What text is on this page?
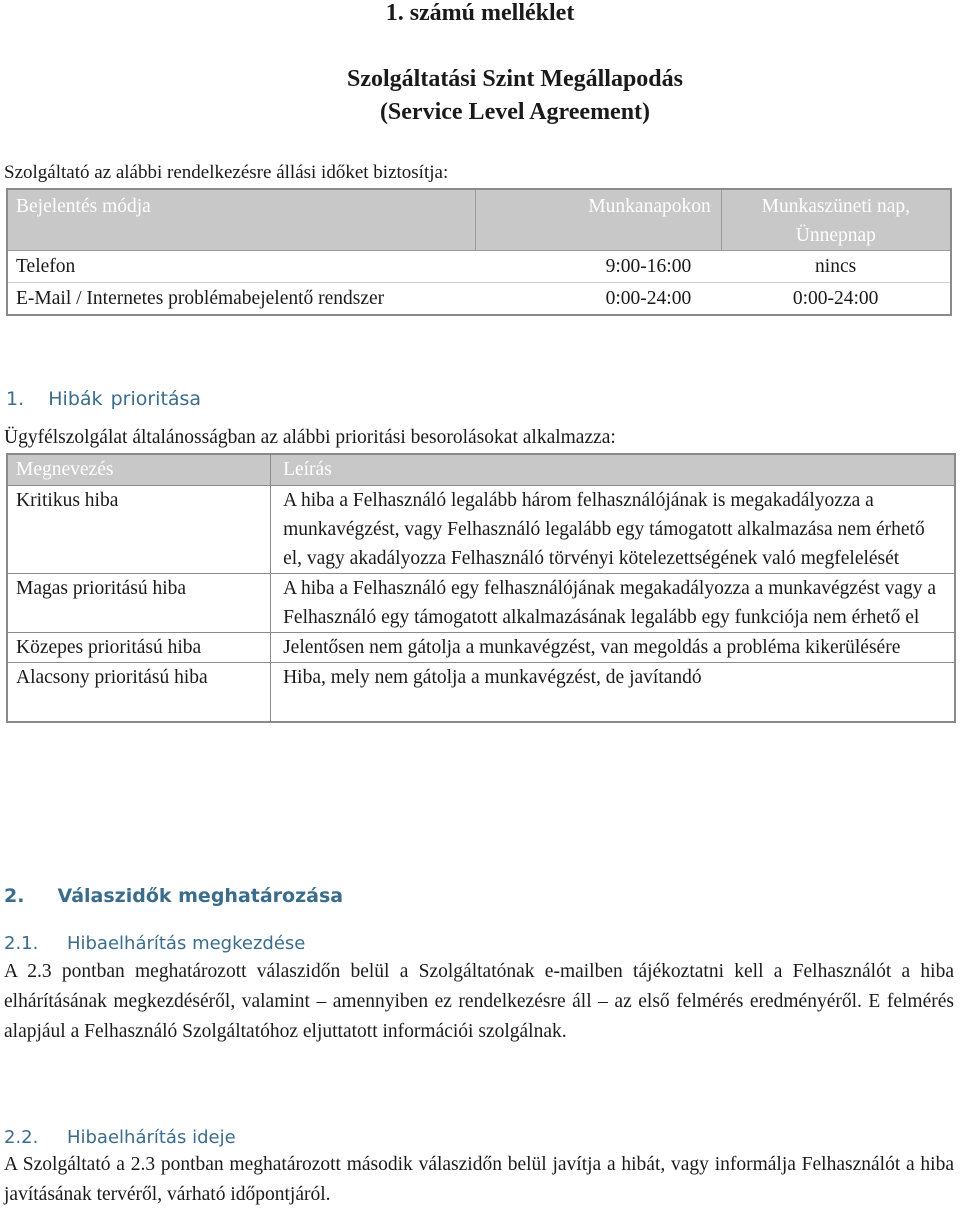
1. számú melléklet
Szolgáltatási Szint Megállapodás
(Service Level Agreement)
Szolgáltató az alábbi rendelkezésre állási időket biztosítja:
Bejelentés módja	Munkanapokon	Munkaszüneti nap, Ünnepnap
Telefon	9:00-16:00	nincs
E-Mail / Internetes problémabejelentő rendszer	0:00-24:00	0:00-24:00
1. Hibák prioritása
Ügyfélszolgálat általánosságban az alábbi prioritási besorolásokat alkalmazza:
Megnevezés	Leírás
Kritikus hiba	A hiba a Felhasználó legalább három felhasználójának is megakadályozza a munkavégzést, vagy Felhasználó legalább egy támogatott alkalmazása nem érhető el, vagy akadályozza Felhasználó törvényi kötelezettségének való megfelelését
Magas prioritású hiba	A hiba a Felhasználó egy felhasználójának megakadályozza a munkavégzést vagy a Felhasználó egy támogatott alkalmazásának legalább egy funkciója nem érhető el
Közepes prioritású hiba	Jelentősen nem gátolja a munkavégzést, van megoldás a probléma kikerülésére
Alacsony prioritású hiba	Hiba, mely nem gátolja a munkavégzést, de javítandó
2. Válaszidők meghatározása
2.1. Hibaelhárítás megkezdése
A 2.3 pontban meghatározott válaszidőn belül a Szolgáltatónak e-mailben tájékoztatni kell a Felhasználót a hiba elhárításának megkezdéséről, valamint – amennyiben ez rendelkezésre áll – az első felmérés eredményéről. E felmérés alapjául a Felhasználó Szolgáltatóhoz eljuttatott információi szolgálnak.
2.2. Hibaelhárítás ideje
A Szolgáltató a 2.3 pontban meghatározott második válaszidőn belül javítja a hibát, vagy informálja Felhasználót a hiba javításának tervéről, várható időpontjáról.
